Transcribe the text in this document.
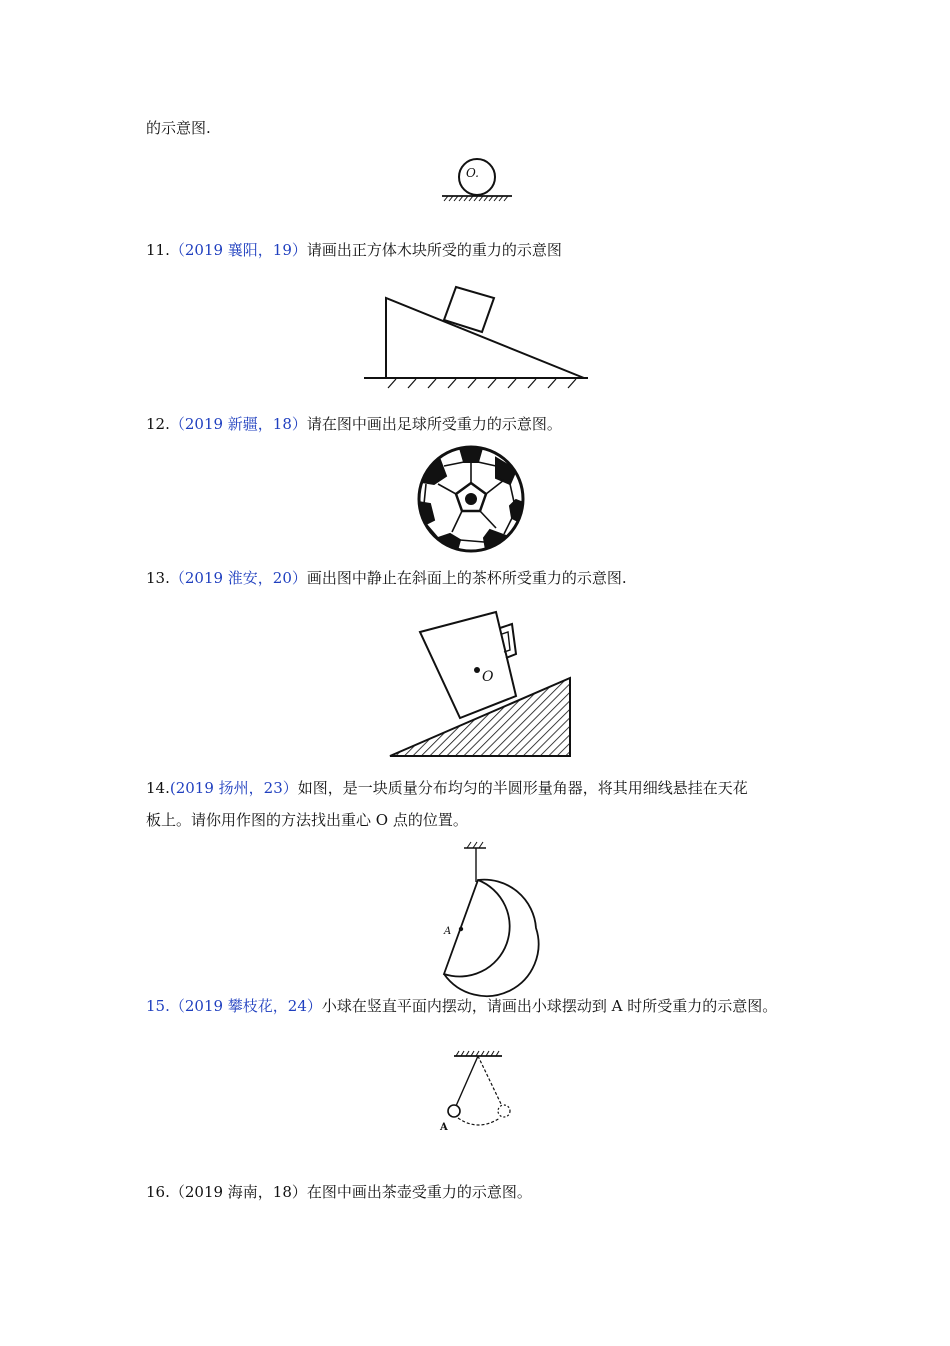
的示意图.
O.
11.（2019 襄阳，19）请画出正方体木块所受的重力的示意图
12.（2019 新疆，18）请在图中画出足球所受重力的示意图。
13.（2019 淮安，20）画出图中静止在斜面上的茶杯所受重力的示意图.
O
14.(2019 扬州，23）如图，是一块质量分布均匀的半圆形量角器，将其用细线悬挂在天花
板上。请你用作图的方法找出重心 O 点的位置。
A
15.（2019 攀枝花，24）小球在竖直平面内摆动，请画出小球摆动到 A 时所受重力的示意图。
A
16.（2019 海南，18）在图中画出茶壶受重力的示意图。
